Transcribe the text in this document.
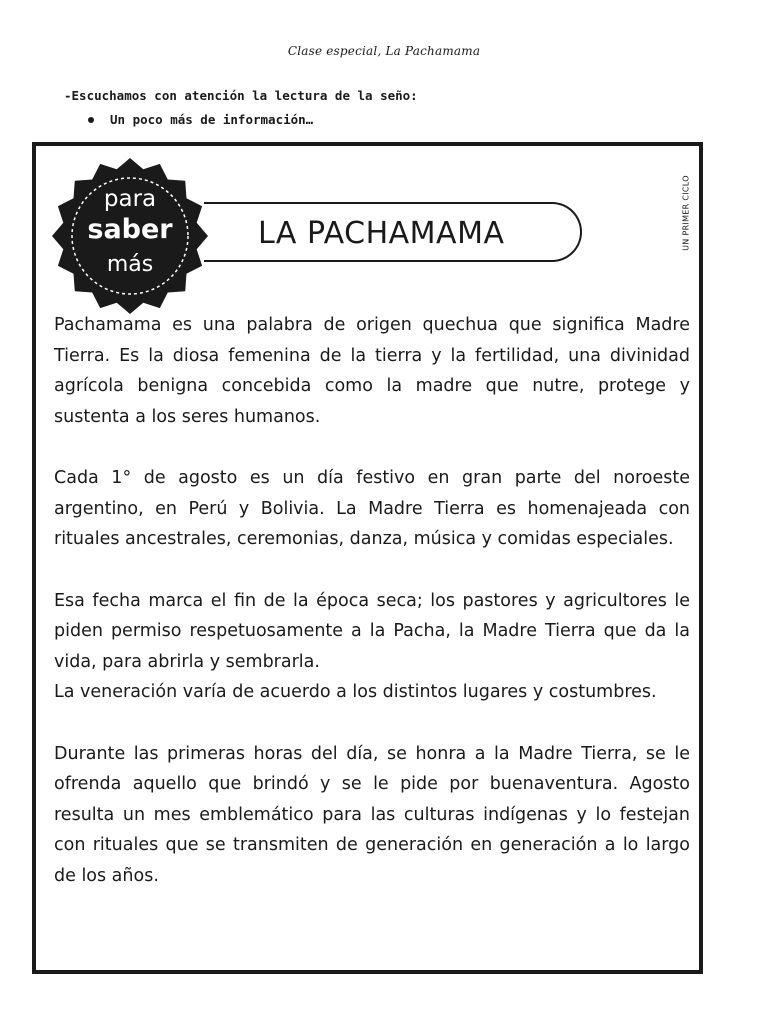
Clase especial, La Pachamama
-Escuchamos con atención la lectura de la seño:
Un poco más de información…
para
saber
más
LA PACHAMAMA	UN PRIMER CICLO

Pachamama es una palabra de origen quechua que significa Madre Tierra. Es la diosa femenina de la tierra y la fertilidad, una divinidad agrícola benigna concebida como la madre que nutre, protege y sustenta a los seres humanos.

Cada 1° de agosto es un día festivo en gran parte del noroeste argentino, en Perú y Bolivia. La Madre Tierra es homenajeada con rituales ancestrales, ceremonias, danza, música y comidas especiales.

Esa fecha marca el fin de la época seca; los pastores y agricultores le piden permiso respetuosamente a la Pacha, la Madre Tierra que da la vida, para abrirla y sembrarla.

La veneración varía de acuerdo a los distintos lugares y costumbres.

Durante las primeras horas del día, se honra a la Madre Tierra, se le ofrenda aquello que brindó y se le pide por buenaventura. Agosto resulta un mes emblemático para las culturas indígenas y lo festejan con rituales que se transmiten de generación en generación a lo largo de los años.
